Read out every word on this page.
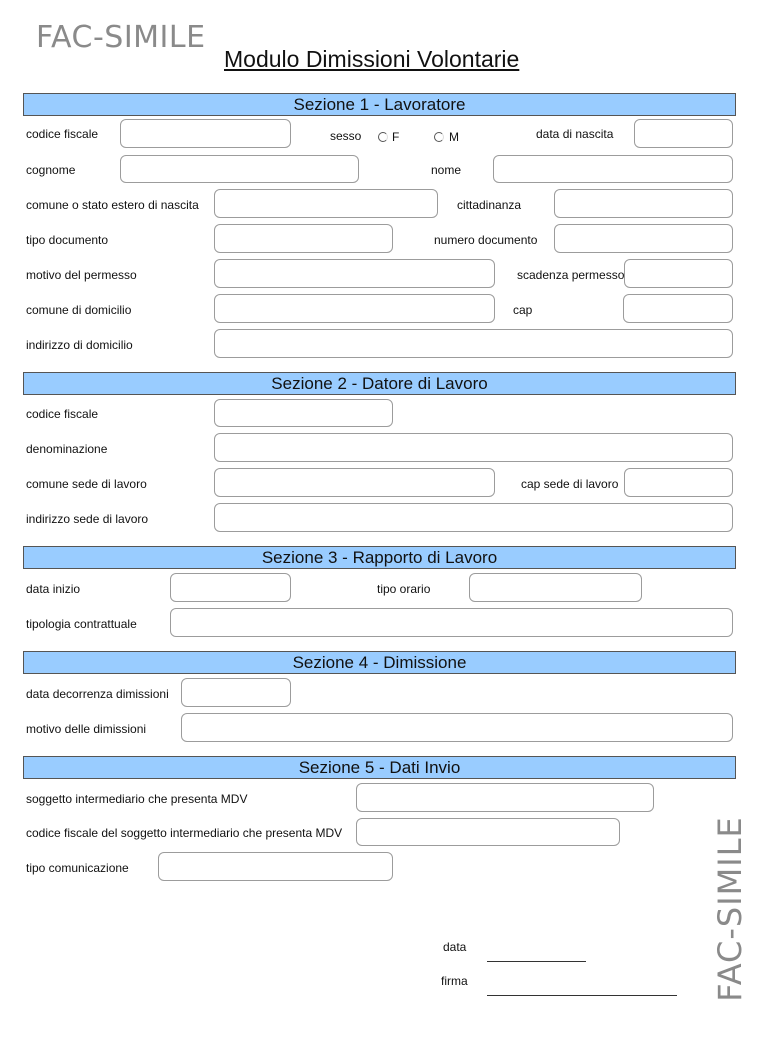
FAC-SIMILE
FAC-SIMILE
Modulo Dimissioni Volontarie
Sezione 1 - Lavoratore
codice fiscale	sesso	F	M	data di nascita
cognome	nome
comune o stato estero di nascita	cittadinanza
tipo documento	numero documento
motivo del permesso	scadenza permesso
comune di domicilio	cap
indirizzo di domicilio
Sezione 2 - Datore di Lavoro
codice fiscale
denominazione
comune sede di lavoro	cap sede di lavoro
indirizzo sede di lavoro
Sezione 3 - Rapporto di Lavoro
data inizio	tipo orario
tipologia contrattuale
Sezione 4 - Dimissione
data decorrenza dimissioni
motivo delle dimissioni
Sezione 5 - Dati Invio
soggetto intermediario che presenta MDV
codice fiscale del soggetto intermediario che presenta MDV
tipo comunicazione
data
firma
